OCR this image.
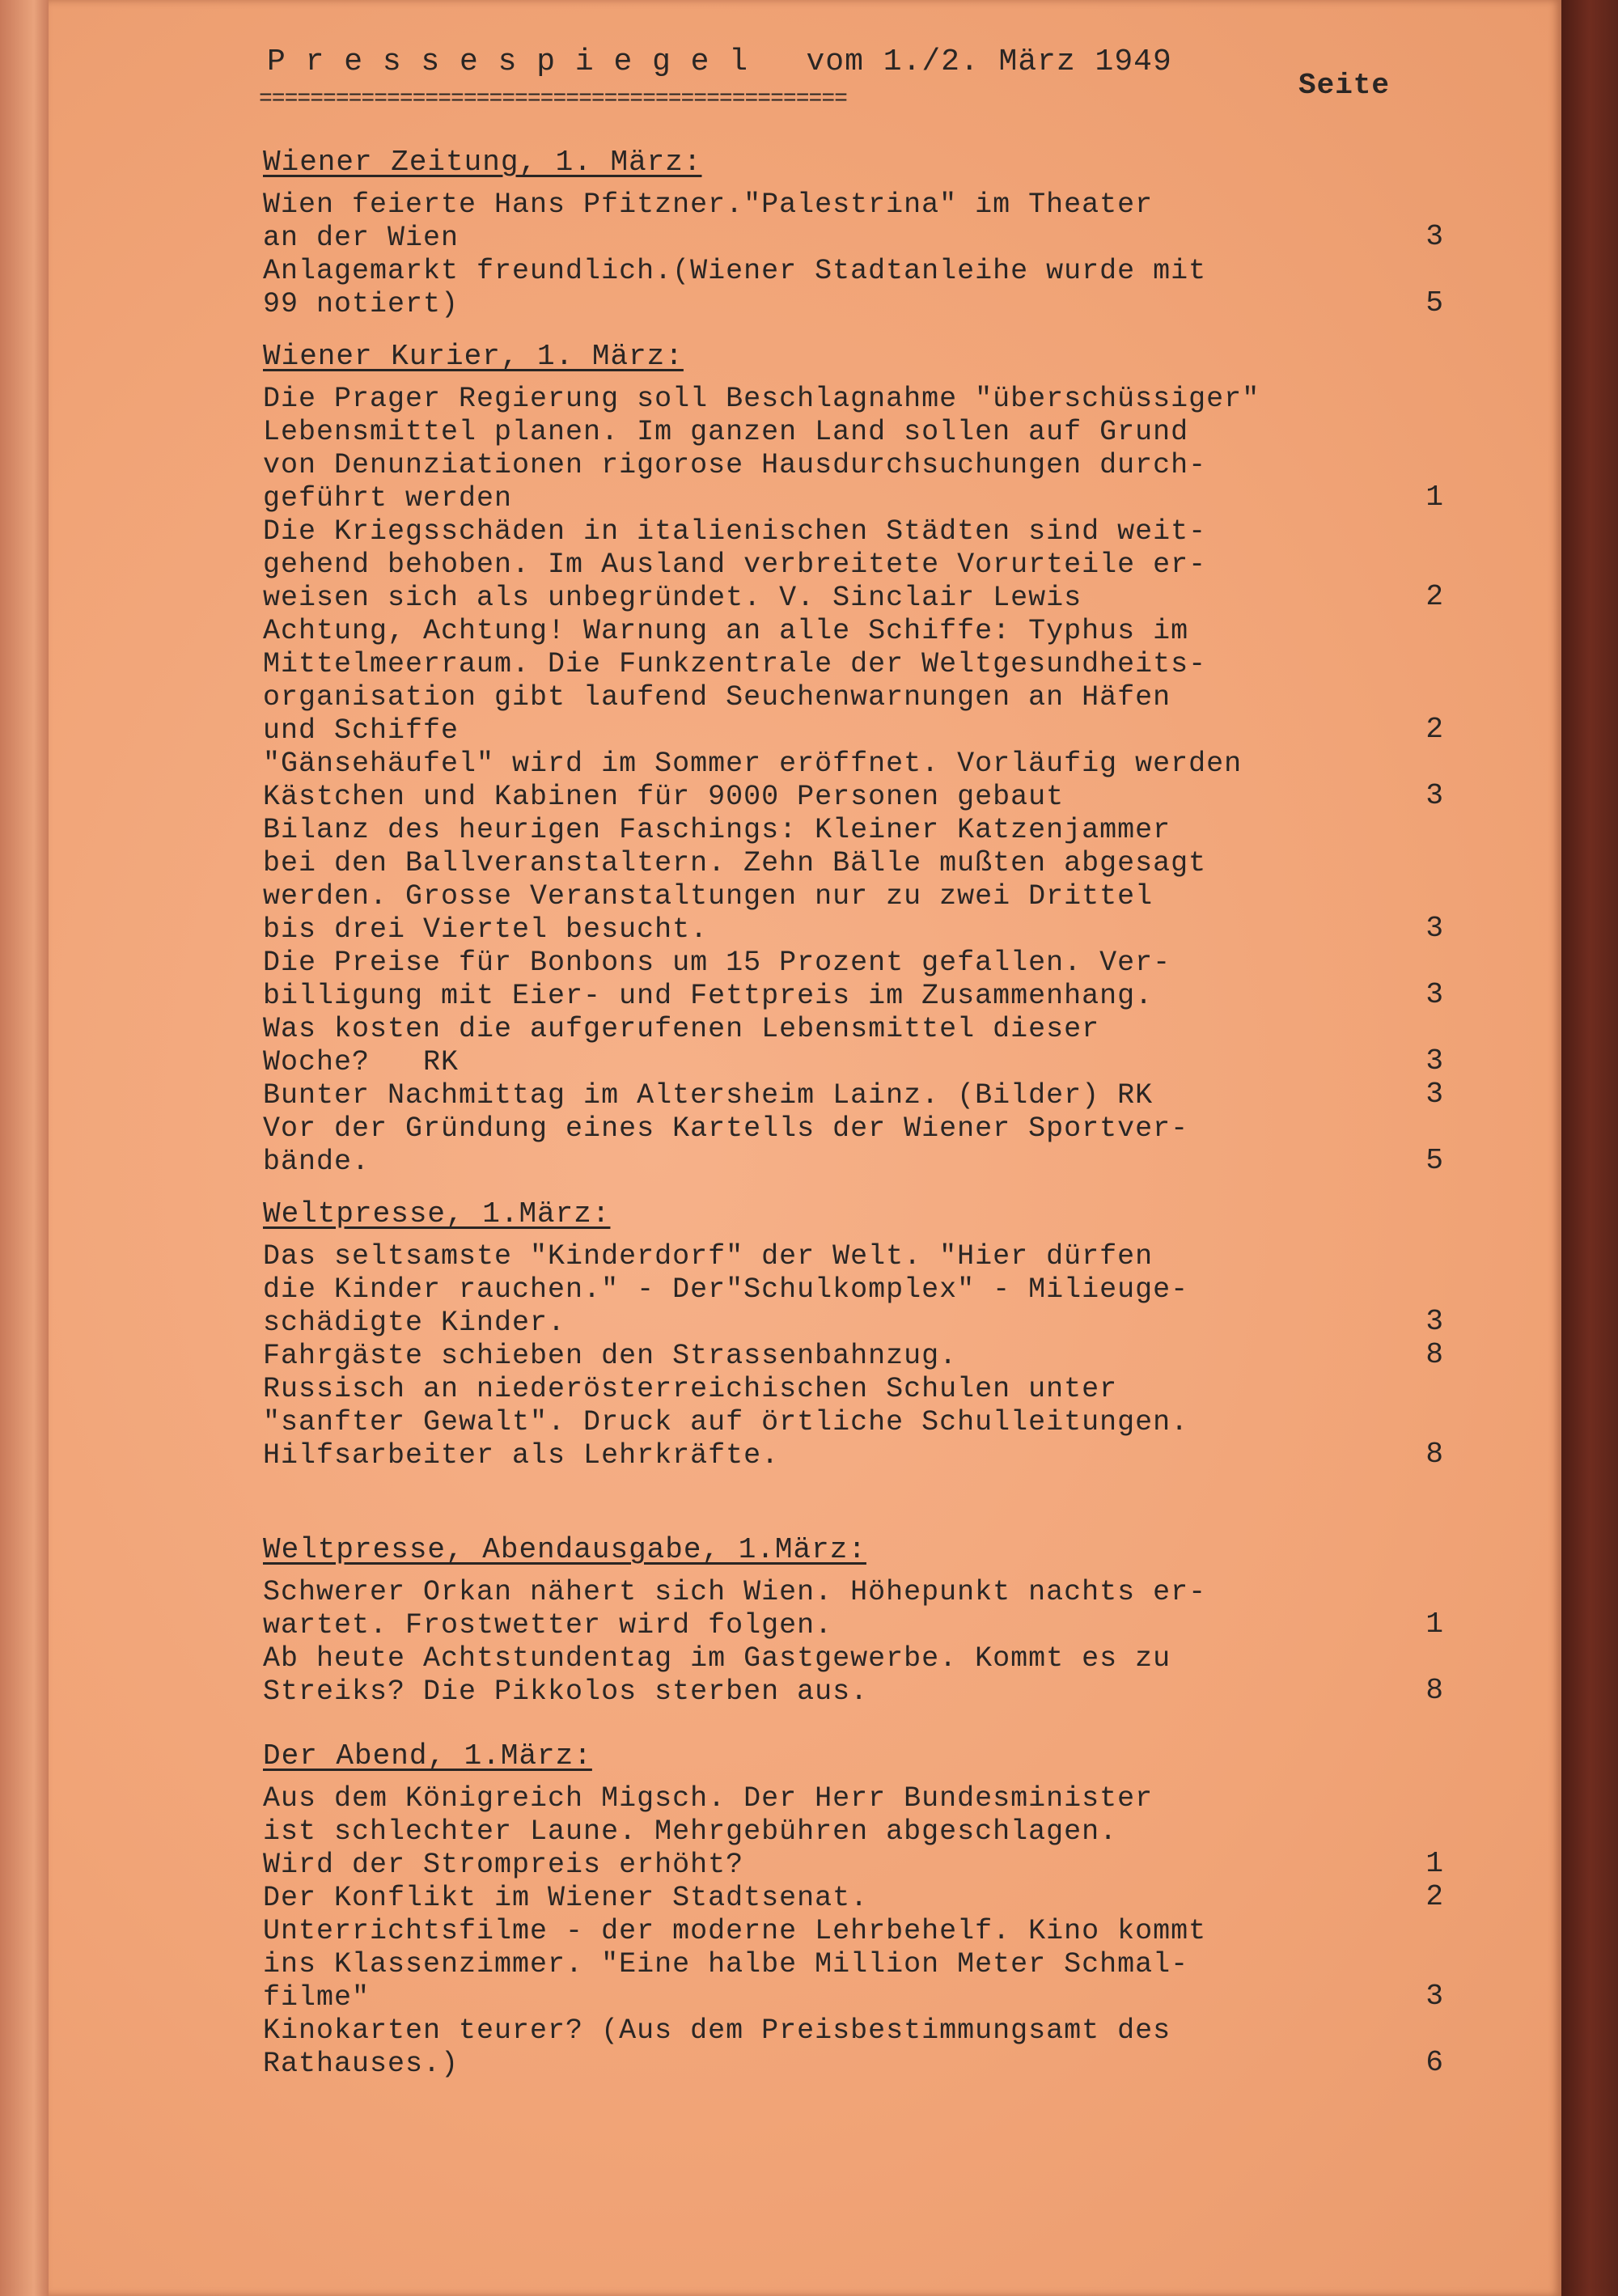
P r e s s e s p i e g e l   vom 1./2. März 1949
==============================================	Seite
Wiener Zeitung, 1. März:

Wien feierte Hans Pfitzner."Palestrina" im Theater

an der Wien	3

Anlagemarkt freundlich.(Wiener Stadtanleihe wurde mit

99 notiert)	5
Wiener Kurier, 1. März:

Die Prager Regierung soll Beschlagnahme "überschüssiger"

Lebensmittel planen. Im ganzen Land sollen auf Grund

von Denunziationen rigorose Hausdurchsuchungen durch-

geführt werden	1

Die Kriegsschäden in italienischen Städten sind weit-

gehend behoben. Im Ausland verbreitete Vorurteile er-

weisen sich als unbegründet. V. Sinclair Lewis	2

Achtung, Achtung! Warnung an alle Schiffe: Typhus im

Mittelmeerraum. Die Funkzentrale der Weltgesundheits-

organisation gibt laufend Seuchenwarnungen an Häfen

und Schiffe	2

"Gänsehäufel" wird im Sommer eröffnet. Vorläufig werden

Kästchen und Kabinen für 9000 Personen gebaut	3

Bilanz des heurigen Faschings: Kleiner Katzenjammer

bei den Ballveranstaltern. Zehn Bälle mußten abgesagt

werden. Grosse Veranstaltungen nur zu zwei Drittel

bis drei Viertel besucht.	3

Die Preise für Bonbons um 15 Prozent gefallen. Ver-

billigung mit Eier- und Fettpreis im Zusammenhang.	3

Was kosten die aufgerufenen Lebensmittel dieser

Woche?   RK	3

Bunter Nachmittag im Altersheim Lainz. (Bilder) RK	3

Vor der Gründung eines Kartells der Wiener Sportver-

bände.	5
Weltpresse, 1.März:

Das seltsamste "Kinderdorf" der Welt. "Hier dürfen

die Kinder rauchen." - Der"Schulkomplex" - Milieuge-

schädigte Kinder.	3

Fahrgäste schieben den Strassenbahnzug.	8

Russisch an niederösterreichischen Schulen unter

"sanfter Gewalt". Druck auf örtliche Schulleitungen.

Hilfsarbeiter als Lehrkräfte.	8
Weltpresse, Abendausgabe, 1.März:

Schwerer Orkan nähert sich Wien. Höhepunkt nachts er-

wartet. Frostwetter wird folgen.	1

Ab heute Achtstundentag im Gastgewerbe. Kommt es zu

Streiks? Die Pikkolos sterben aus.	8
Der Abend, 1.März:

Aus dem Königreich Migsch. Der Herr Bundesminister

ist schlechter Laune. Mehrgebühren abgeschlagen.

Wird der Strompreis erhöht?	1

Der Konflikt im Wiener Stadtsenat.	2

Unterrichtsfilme - der moderne Lehrbehelf. Kino kommt

ins Klassenzimmer. "Eine halbe Million Meter Schmal-

filme"	3

Kinokarten teurer? (Aus dem Preisbestimmungsamt des

Rathauses.)	6
